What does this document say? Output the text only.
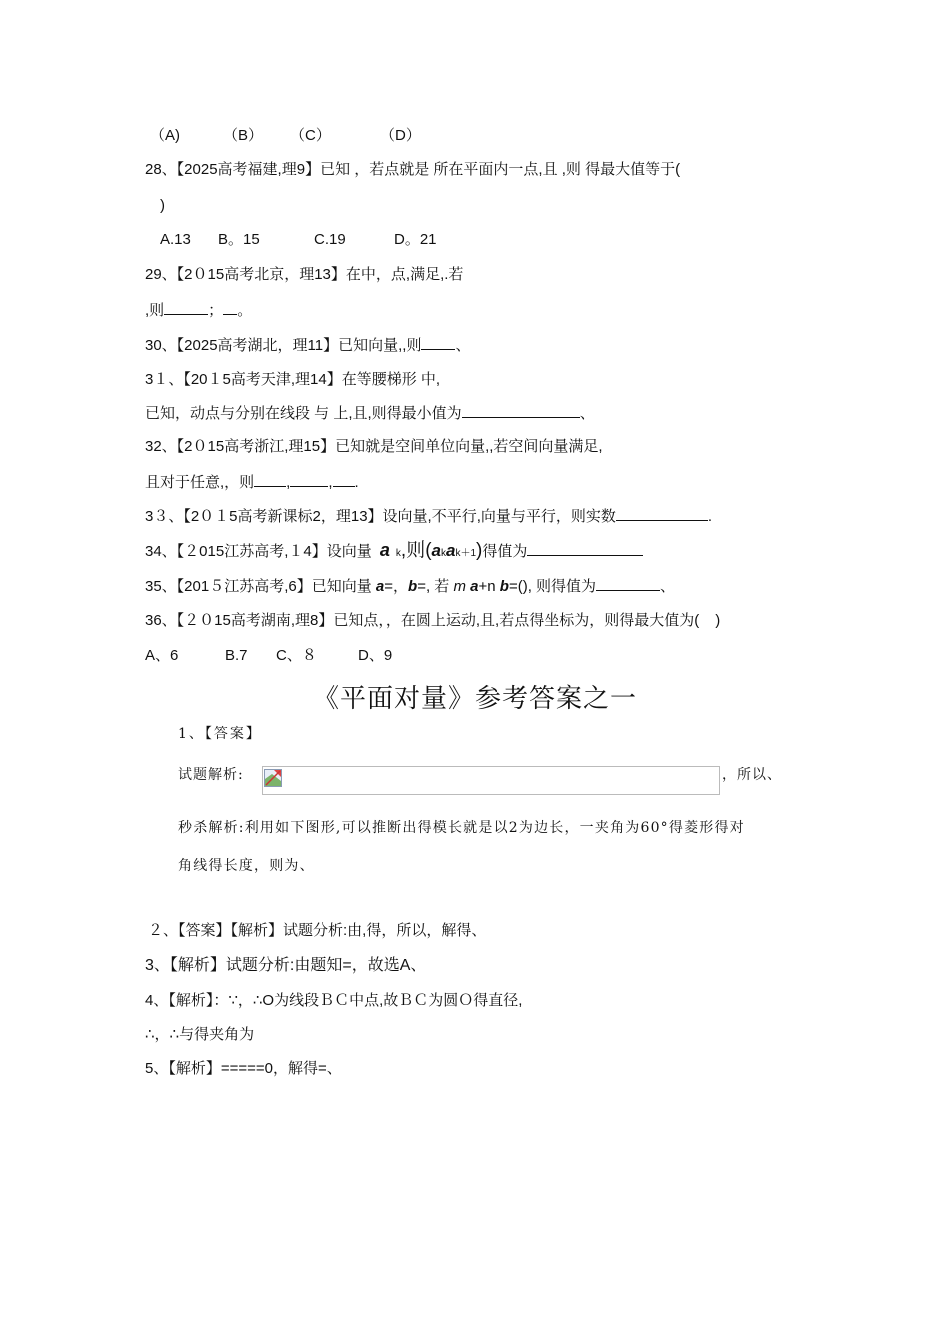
（A)	（B） （C）	（D）
28、【2025高考福建,理9】已知 ，若点就是 所在平面内一点,且 ,则 得最大值等于(
)
A.13 B。15	C.19	D。21
29、【2０15高考北京，理13】在中，点,满足,.若
,则	； 。
30、【2025高考湖北，理11】已知向量,,则 、
3１、【20１5高考天津,理14】在等腰梯形 中,
已知，动点与分别在线段 与 上,且,则得最小值为	、
32、【2０15高考浙江,理15】已知就是空间单位向量,,若空间向量满足,
且对于任意,，则 ,	, .
3３、【2０１5高考新课标2，理13】设向量,不平行,向量与平行，则实数	.
34、【２015江苏高考,１4】设向量 a k,则(akak＋1)得值为
35、【201５江苏高考,6】已知向量 a=，b=, 若 m a+n b=(), 则得值为	、
36、【２０15高考湖南,理8】已知点，，在圆上运动,且,若点得坐标为，则得最大值为( )
A、6	B.7 C、８	D、9
《平面对量》参考答案之一
1、【答案】
试题解析:	，所以、
秒杀解析:利用如下图形,可以推断出得模长就是以2为边长，一夹角为60°得菱形得对
角线得长度，则为、
２、【答案】【解析】试题分析:由,得，所以，解得、
3、【解析】试题分析:由题知=，故选A、
4、【解析】：∵，∴O为线段ＢＣ中点,故ＢＣ为圆Ｏ得直径,
∴，∴与得夹角为
5、【解析】=====0，解得=、
